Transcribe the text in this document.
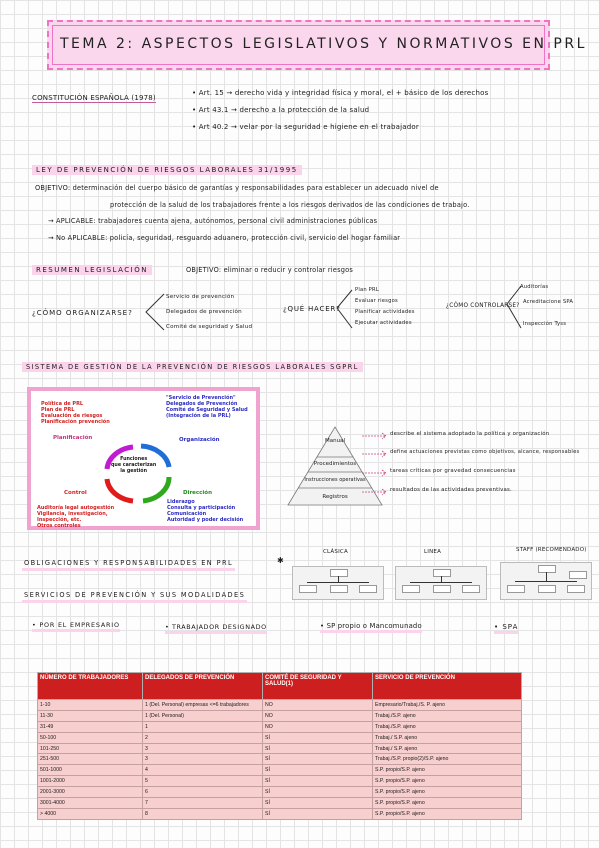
TEMA 2: ASPECTOS LEGISLATIVOS Y NORMATIVOS EN PRL
CONSTITUCIÓN ESPAÑOLA (1978)
• Art. 15 → derecho vida y integridad física y moral, el + básico de los derechos
• Art 43.1 → derecho a la protección de la salud
• Art 40.2 → velar por la seguridad e higiene en el trabajador
LEY DE PREVENCIÓN DE RIESGOS LABORALES 31/1995
OBJETIVO: determinación del cuerpo básico de garantías y responsabilidades para establecer un adecuado nivel de
protección de la salud de los trabajadores frente a los riesgos derivados de las condiciones de trabajo.
→ APLICABLE: trabajadores cuenta ajena, autónomos, personal civil administraciones públicas
→ No APLICABLE: policía, seguridad, resguardo aduanero, protección civil, servicio del hogar familiar
RESUMEN LEGISLACIÓN	OBJETIVO: eliminar o reducir y controlar riesgos
¿CÓMO ORGANIZARSE?
Servicio de prevención
Delegados de prevención
Comité de seguridad y Salud
¿QUÉ HACER?
Plan PRL
Evaluar riesgos
Planificar actividades
Ejecutar actividades
¿CÓMO CONTROLARSE?
Auditorías
Acreditacione SPA
Inspección Tyss
SISTEMA DE GESTIÓN DE LA PREVENCIÓN DE RIESGOS LABORALES SGPRL
Política de PRL
Plan de PRL
Evaluación de riesgos
Planificación prevención
Planificación
"Servicio de Prevención"
Delegados de Prevención
Comité de Seguridad y Salud
(Integración de la PRL)
Organización
Funciones
que caracterizan
la gestión
Control	Dirección
Auditoría legal autogestión
Vigilancia, investigación,
Inspección, etc.
Otros controles
Liderazgo
Consulta y participación
Comunicación
Autoridad y poder decisión
Manual
Procedimientos
Instrucciones operativas
Registros
describe el sistema adoptado la política y organización
define actuaciones previstas como objetivos, alcance, responsables
tareas críticas por gravedad consecuencias
resultados de las actividades preventivas.
OBLIGACIONES Y RESPONSABILIDADES EN PRL	✱
CLÁSICA	LINEA	STAFF (RECOMENDADO)
SERVICIOS DE PREVENCIÓN Y SUS MODALIDADES
• POR EL EMPRESARIO	• TRABAJADOR DESIGNADO	• SP propio o Mancomunado	• SPA
NÚMERO DE TRABAJADORES	DELEGADOS DE PREVENCIÓN	COMITÉ DE SEGURIDAD Y SALUD(1)	SERVICIO DE PREVENCIÓN
1-10	1 (Del. Personal) empresas <=6 trabajadores	NO	Empresario/Trabaj./S. P. ajeno
11-30	1 (Del. Personal)	NO	Trabaj./S.P. ajeno
31-49	1	NO	Trabaj./S.P. ajeno
50-100	2	SÍ	Trabaj./ S.P. ajeno
101-250	3	SÍ	Trabaj./ S.P. ajeno
251-500	3	SÍ	Trabaj./S.P. propio(2)/S.P. ajeno
501-1000	4	SÍ	S.P. propio/S.P. ajeno
1001-2000	5	SÍ	S.P. propio/S.P. ajeno
2001-3000	6	SÍ	S.P. propio/S.P. ajeno
3001-4000	7	SÍ	S.P. propio/S.P. ajeno
> 4000	8	SÍ	S.P. propio/S.P. ajeno
